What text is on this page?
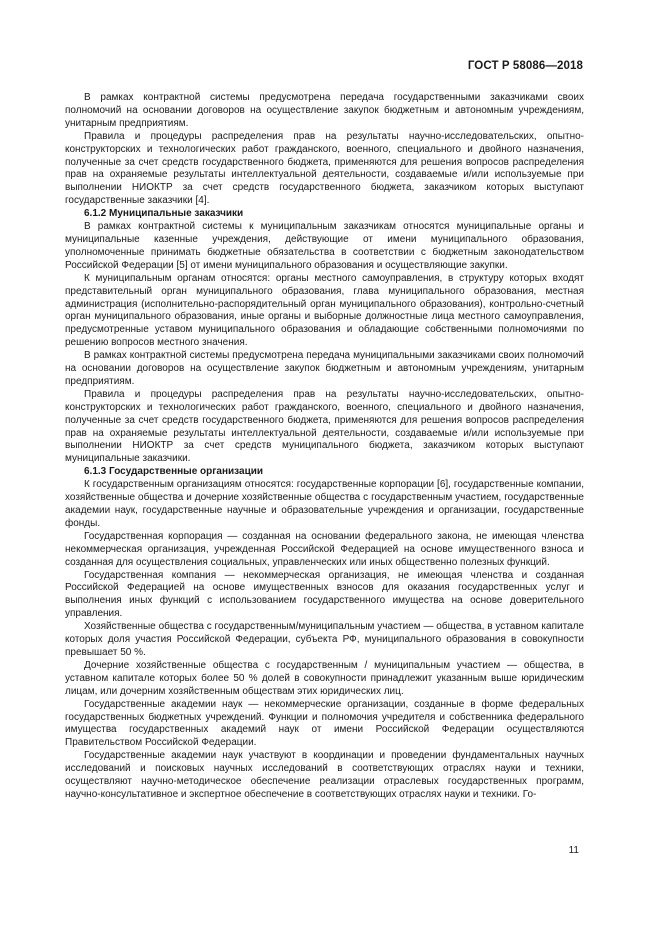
ГОСТ Р 58086—2018

В рамках контрактной системы предусмотрена передача государственными заказчиками своих полномочий на основании договоров на осуществление закупок бюджетным и автономным учреждениям, унитарным предприятиям.

Правила и процедуры распределения прав на результаты научно-исследовательских, опытно-конструкторских и технологических работ гражданского, военного, специального и двойного назначения, полученные за счет средств государственного бюджета, применяются для решения вопросов распределения прав на охраняемые результаты интеллектуальной деятельности, создаваемые и/или используемые при выполнении НИОКТР за счет средств государственного бюджета, заказчиком которых выступают государственные заказчики [4].

6.1.2 Муниципальные заказчики

В рамках контрактной системы к муниципальным заказчикам относятся муниципальные органы и муниципальные казенные учреждения, действующие от имени муниципального образования, уполномоченные принимать бюджетные обязательства в соответствии с бюджетным законодательством Российской Федерации [5] от имени муниципального образования и осуществляющие закупки.

К муниципальным органам относятся: органы местного самоуправления, в структуру которых входят представительный орган муниципального образования, глава муниципального образования, местная администрация (исполнительно-распорядительный орган муниципального образования), контрольно-счетный орган муниципального образования, иные органы и выборные должностные лица местного самоуправления, предусмотренные уставом муниципального образования и обладающие собственными полномочиями по решению вопросов местного значения.

В рамках контрактной системы предусмотрена передача муниципальными заказчиками своих полномочий на основании договоров на осуществление закупок бюджетным и автономным учреждениям, унитарным предприятиям.

Правила и процедуры распределения прав на результаты научно-исследовательских, опытно-конструкторских и технологических работ гражданского, военного, специального и двойного назначения, полученные за счет средств государственного бюджета, применяются для решения вопросов распределения прав на охраняемые результаты интеллектуальной деятельности, создаваемые и/или используемые при выполнении НИОКТР за счет средств муниципального бюджета, заказчиком которых выступают муниципальные заказчики.

6.1.3 Государственные организации

К государственным организациям относятся: государственные корпорации [6], государственные компании, хозяйственные общества и дочерние хозяйственные общества с государственным участием, государственные академии наук, государственные научные и образовательные учреждения и организации, государственные фонды.

Государственная корпорация — созданная на основании федерального закона, не имеющая членства некоммерческая организация, учрежденная Российской Федерацией на основе имущественного взноса и созданная для осуществления социальных, управленческих или иных общественно полезных функций.

Государственная компания — некоммерческая организация, не имеющая членства и созданная Российской Федерацией на основе имущественных взносов для оказания государственных услуг и выполнения иных функций с использованием государственного имущества на основе доверительного управления.

Хозяйственные общества с государственным/муниципальным участием — общества, в уставном капитале которых доля участия Российской Федерации, субъекта РФ, муниципального образования в совокупности превышает 50 %.

Дочерние хозяйственные общества с государственным / муниципальным участием — общества, в уставном капитале которых более 50 % долей в совокупности принадлежит указанным выше юридическим лицам, или дочерним хозяйственным обществам этих юридических лиц.

Государственные академии наук — некоммерческие организации, созданные в форме федеральных государственных бюджетных учреждений. Функции и полномочия учредителя и собственника федерального имущества государственных академий наук от имени Российской Федерации осуществляются Правительством Российской Федерации.

Государственные академии наук участвуют в координации и проведении фундаментальных научных исследований и поисковых научных исследований в соответствующих отраслях науки и техники, осуществляют научно-методическое обеспечение реализации отраслевых государственных программ, научно-консультативное и экспертное обеспечение в соответствующих отраслях науки и техники. Го-

11
